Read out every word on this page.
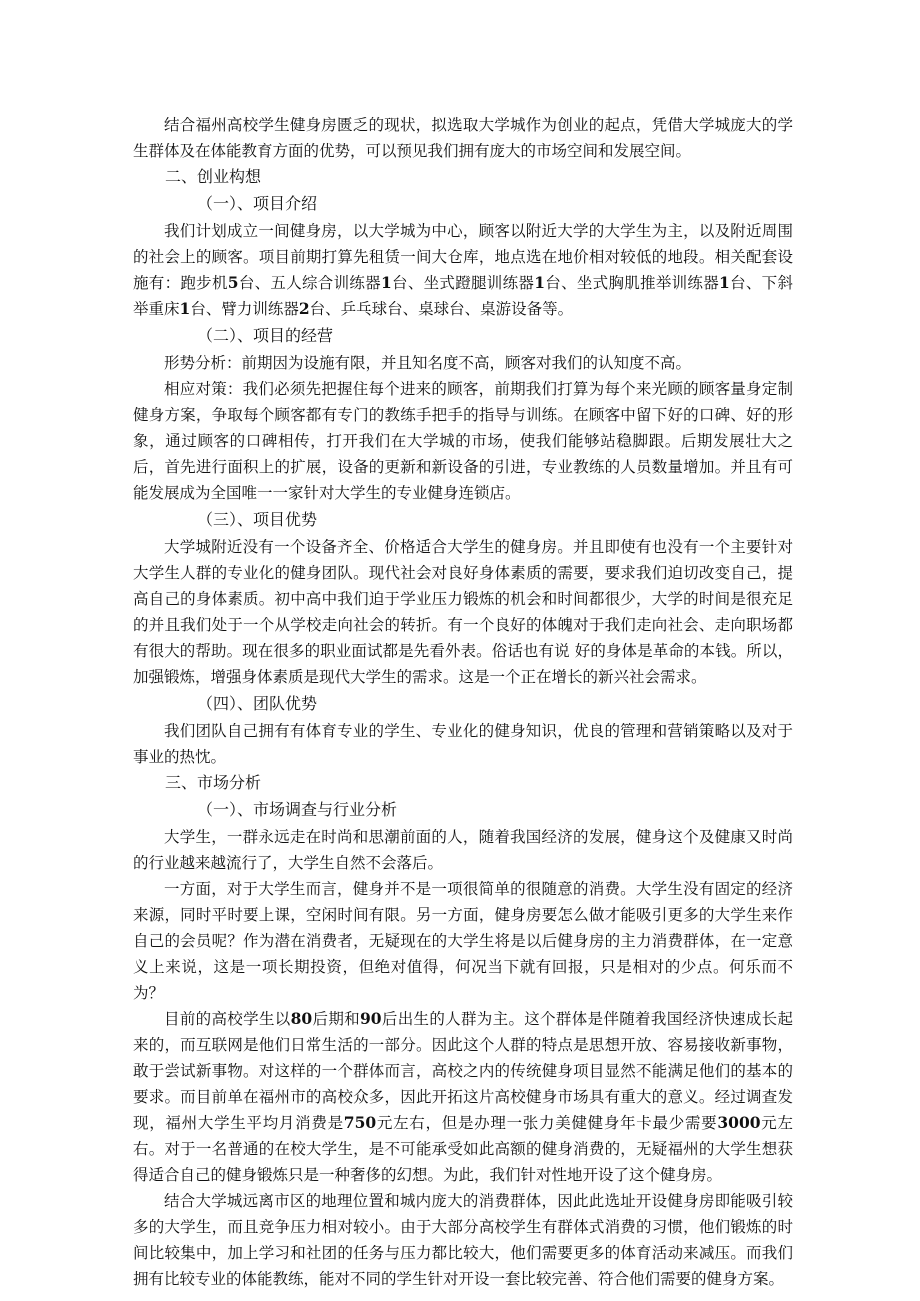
结合福州高校学生健身房匮乏的现状，拟选取大学城作为创业的起点，凭借大学城庞大的学生群体及在体能教育方面的优势，可以预见我们拥有庞大的市场空间和发展空间。

二、创业构想
（一）、项目介绍

我们计划成立一间健身房，以大学城为中心，顾客以附近大学的大学生为主，以及附近周围的社会上的顾客。项目前期打算先租赁一间大仓库，地点选在地价相对较低的地段。相关配套设施有：跑步机5台、五人综合训练器1台、坐式蹬腿训练器1台、坐式胸肌推举训练器1台、下斜举重床1台、臂力训练器2台、乒乓球台、桌球台、桌游设备等。

（二）、项目的经营

形势分析：前期因为设施有限，并且知名度不高，顾客对我们的认知度不高。

相应对策：我们必须先把握住每个进来的顾客，前期我们打算为每个来光顾的顾客量身定制健身方案，争取每个顾客都有专门的教练手把手的指导与训练。在顾客中留下好的口碑、好的形象，通过顾客的口碑相传，打开我们在大学城的市场，使我们能够站稳脚跟。后期发展壮大之后，首先进行面积上的扩展，设备的更新和新设备的引进，专业教练的人员数量增加。并且有可能发展成为全国唯一一家针对大学生的专业健身连锁店。

（三）、项目优势

大学城附近没有一个设备齐全、价格适合大学生的健身房。并且即使有也没有一个主要针对大学生人群的专业化的健身团队。现代社会对良好身体素质的需要，要求我们迫切改变自己，提高自己的身体素质。初中高中我们迫于学业压力锻炼的机会和时间都很少，大学的时间是很充足的并且我们处于一个从学校走向社会的转折。有一个良好的体魄对于我们走向社会、走向职场都有很大的帮助。现在很多的职业面试都是先看外表。俗话也有说 好的身体是革命的本钱。所以，加强锻炼，增强身体素质是现代大学生的需求。这是一个正在增长的新兴社会需求。

（四）、团队优势

我们团队自己拥有有体育专业的学生、专业化的健身知识，优良的管理和营销策略以及对于事业的热忱。

三、市场分析
（一）、市场调查与行业分析

大学生，一群永远走在时尚和思潮前面的人，随着我国经济的发展，健身这个及健康又时尚的行业越来越流行了，大学生自然不会落后。

一方面，对于大学生而言，健身并不是一项很简单的很随意的消费。大学生没有固定的经济来源，同时平时要上课，空闲时间有限。另一方面，健身房要怎么做才能吸引更多的大学生来作自己的会员呢？作为潜在消费者，无疑现在的大学生将是以后健身房的主力消费群体，在一定意义上来说，这是一项长期投资，但绝对值得，何况当下就有回报，只是相对的少点。何乐而不为？

目前的高校学生以80后期和90后出生的人群为主。这个群体是伴随着我国经济快速成长起来的，而互联网是他们日常生活的一部分。因此这个人群的特点是思想开放、容易接收新事物，敢于尝试新事物。对这样的一个群体而言，高校之内的传统健身项目显然不能满足他们的基本的要求。而目前单在福州市的高校众多，因此开拓这片高校健身市场具有重大的意义。经过调查发现，福州大学生平均月消费是750元左右，但是办理一张力美健健身年卡最少需要3000元左右。对于一名普通的在校大学生，是不可能承受如此高额的健身消费的，无疑福州的大学生想获得适合自己的健身锻炼只是一种奢侈的幻想。为此，我们针对性地开设了这个健身房。

结合大学城远离市区的地理位置和城内庞大的消费群体，因此此选址开设健身房即能吸引较多的大学生，而且竞争压力相对较小。由于大部分高校学生有群体式消费的习惯，他们锻炼的时间比较集中，加上学习和社团的任务与压力都比较大，他们需要更多的体育活动来减压。而我们拥有比较专业的体能教练，能对不同的学生针对开设一套比较完善、符合他们需要的健身方案。
